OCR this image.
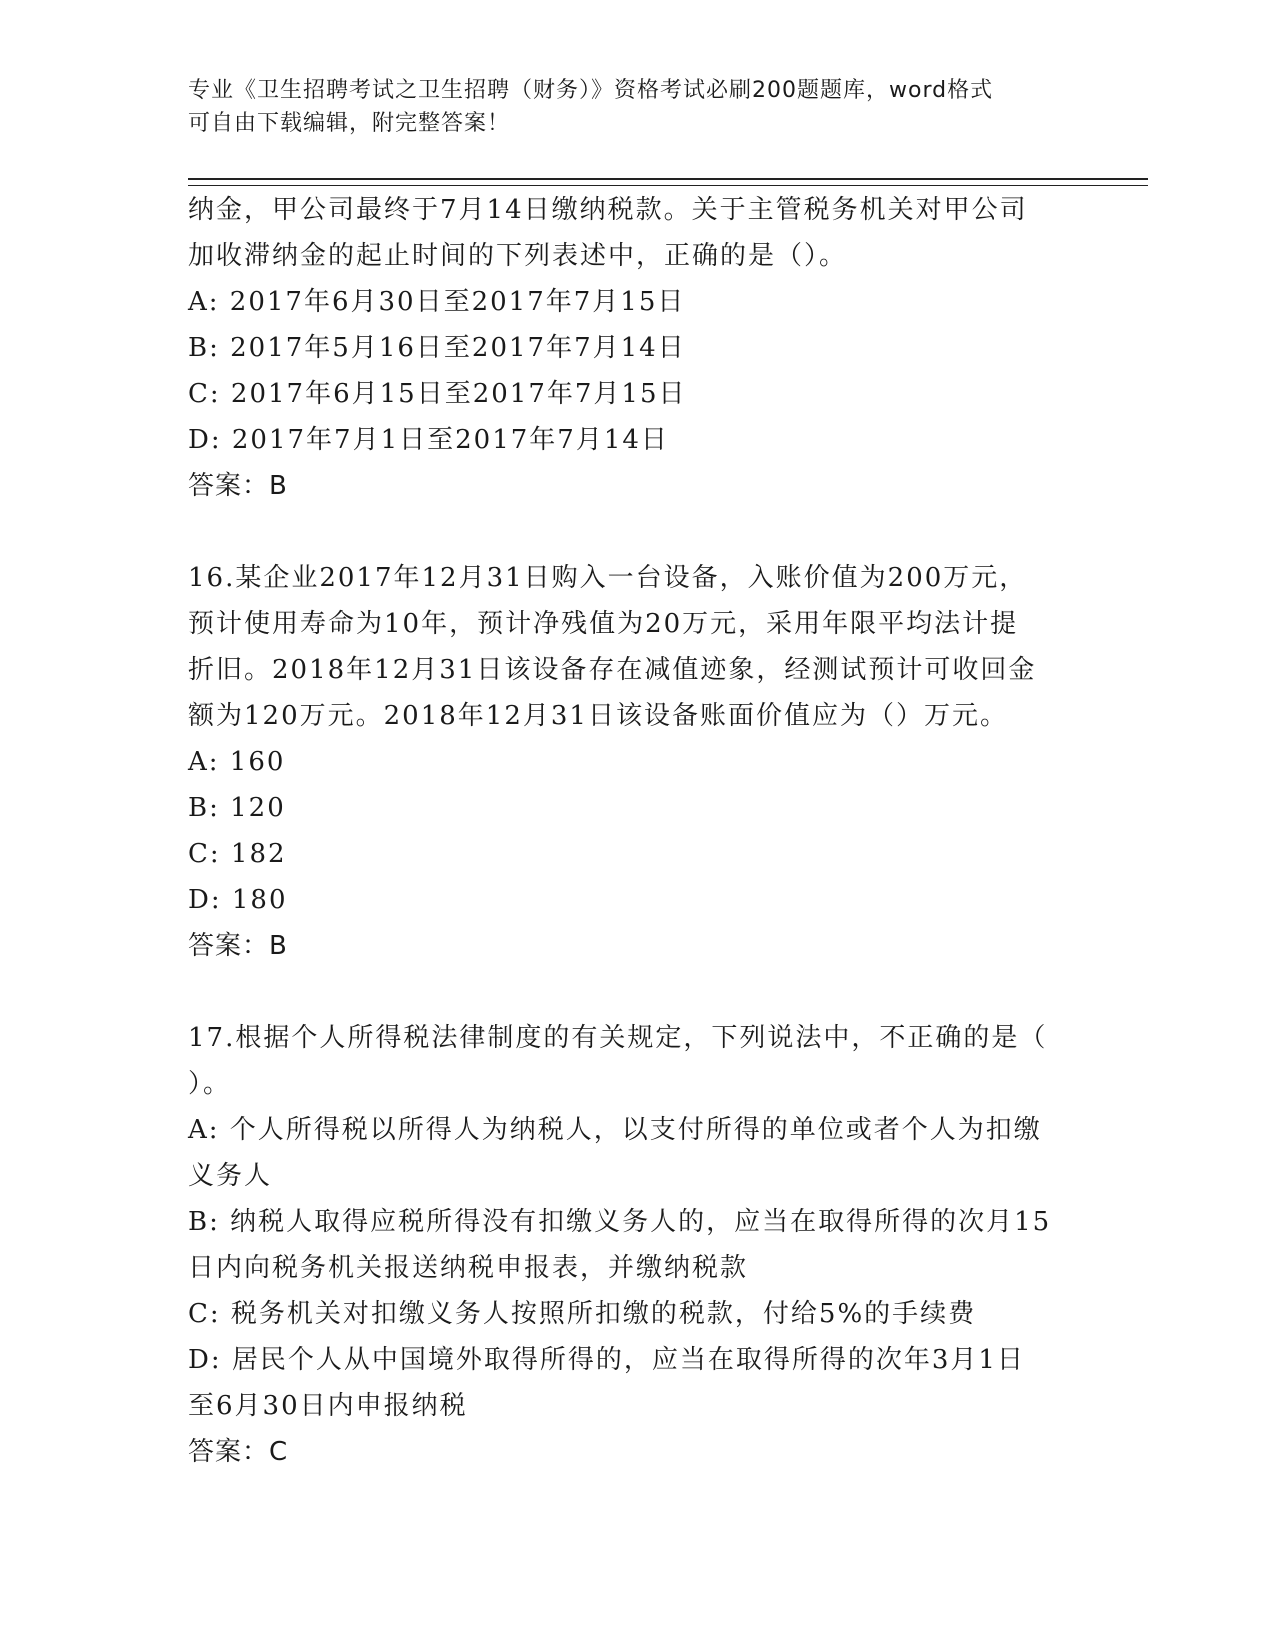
专业《卫生招聘考试之卫生招聘（财务）》资格考试必刷200题题库，word格式
可自由下载编辑，附完整答案！
纳金，甲公司最终于7月14日缴纳税款。关于主管税务机关对甲公司
加收滞纳金的起止时间的下列表述中，正确的是（）。
A: 2017年6月30日至2017年7月15日
B: 2017年5月16日至2017年7月14日
C: 2017年6月15日至2017年7月15日
D: 2017年7月1日至2017年7月14日
答案：B
16.某企业2017年12月31日购入一台设备，入账价值为200万元，
预计使用寿命为10年，预计净残值为20万元，采用年限平均法计提
折旧。2018年12月31日该设备存在减值迹象，经测试预计可收回金
额为120万元。2018年12月31日该设备账面价值应为（）万元。
A: 160
B: 120
C: 182
D: 180
答案：B
17.根据个人所得税法律制度的有关规定，下列说法中，不正确的是（
）。
A: 个人所得税以所得人为纳税人，以支付所得的单位或者个人为扣缴
义务人
B: 纳税人取得应税所得没有扣缴义务人的，应当在取得所得的次月15
日内向税务机关报送纳税申报表，并缴纳税款
C: 税务机关对扣缴义务人按照所扣缴的税款，付给5%的手续费
D: 居民个人从中国境外取得所得的，应当在取得所得的次年3月1日
至6月30日内申报纳税
答案：C
